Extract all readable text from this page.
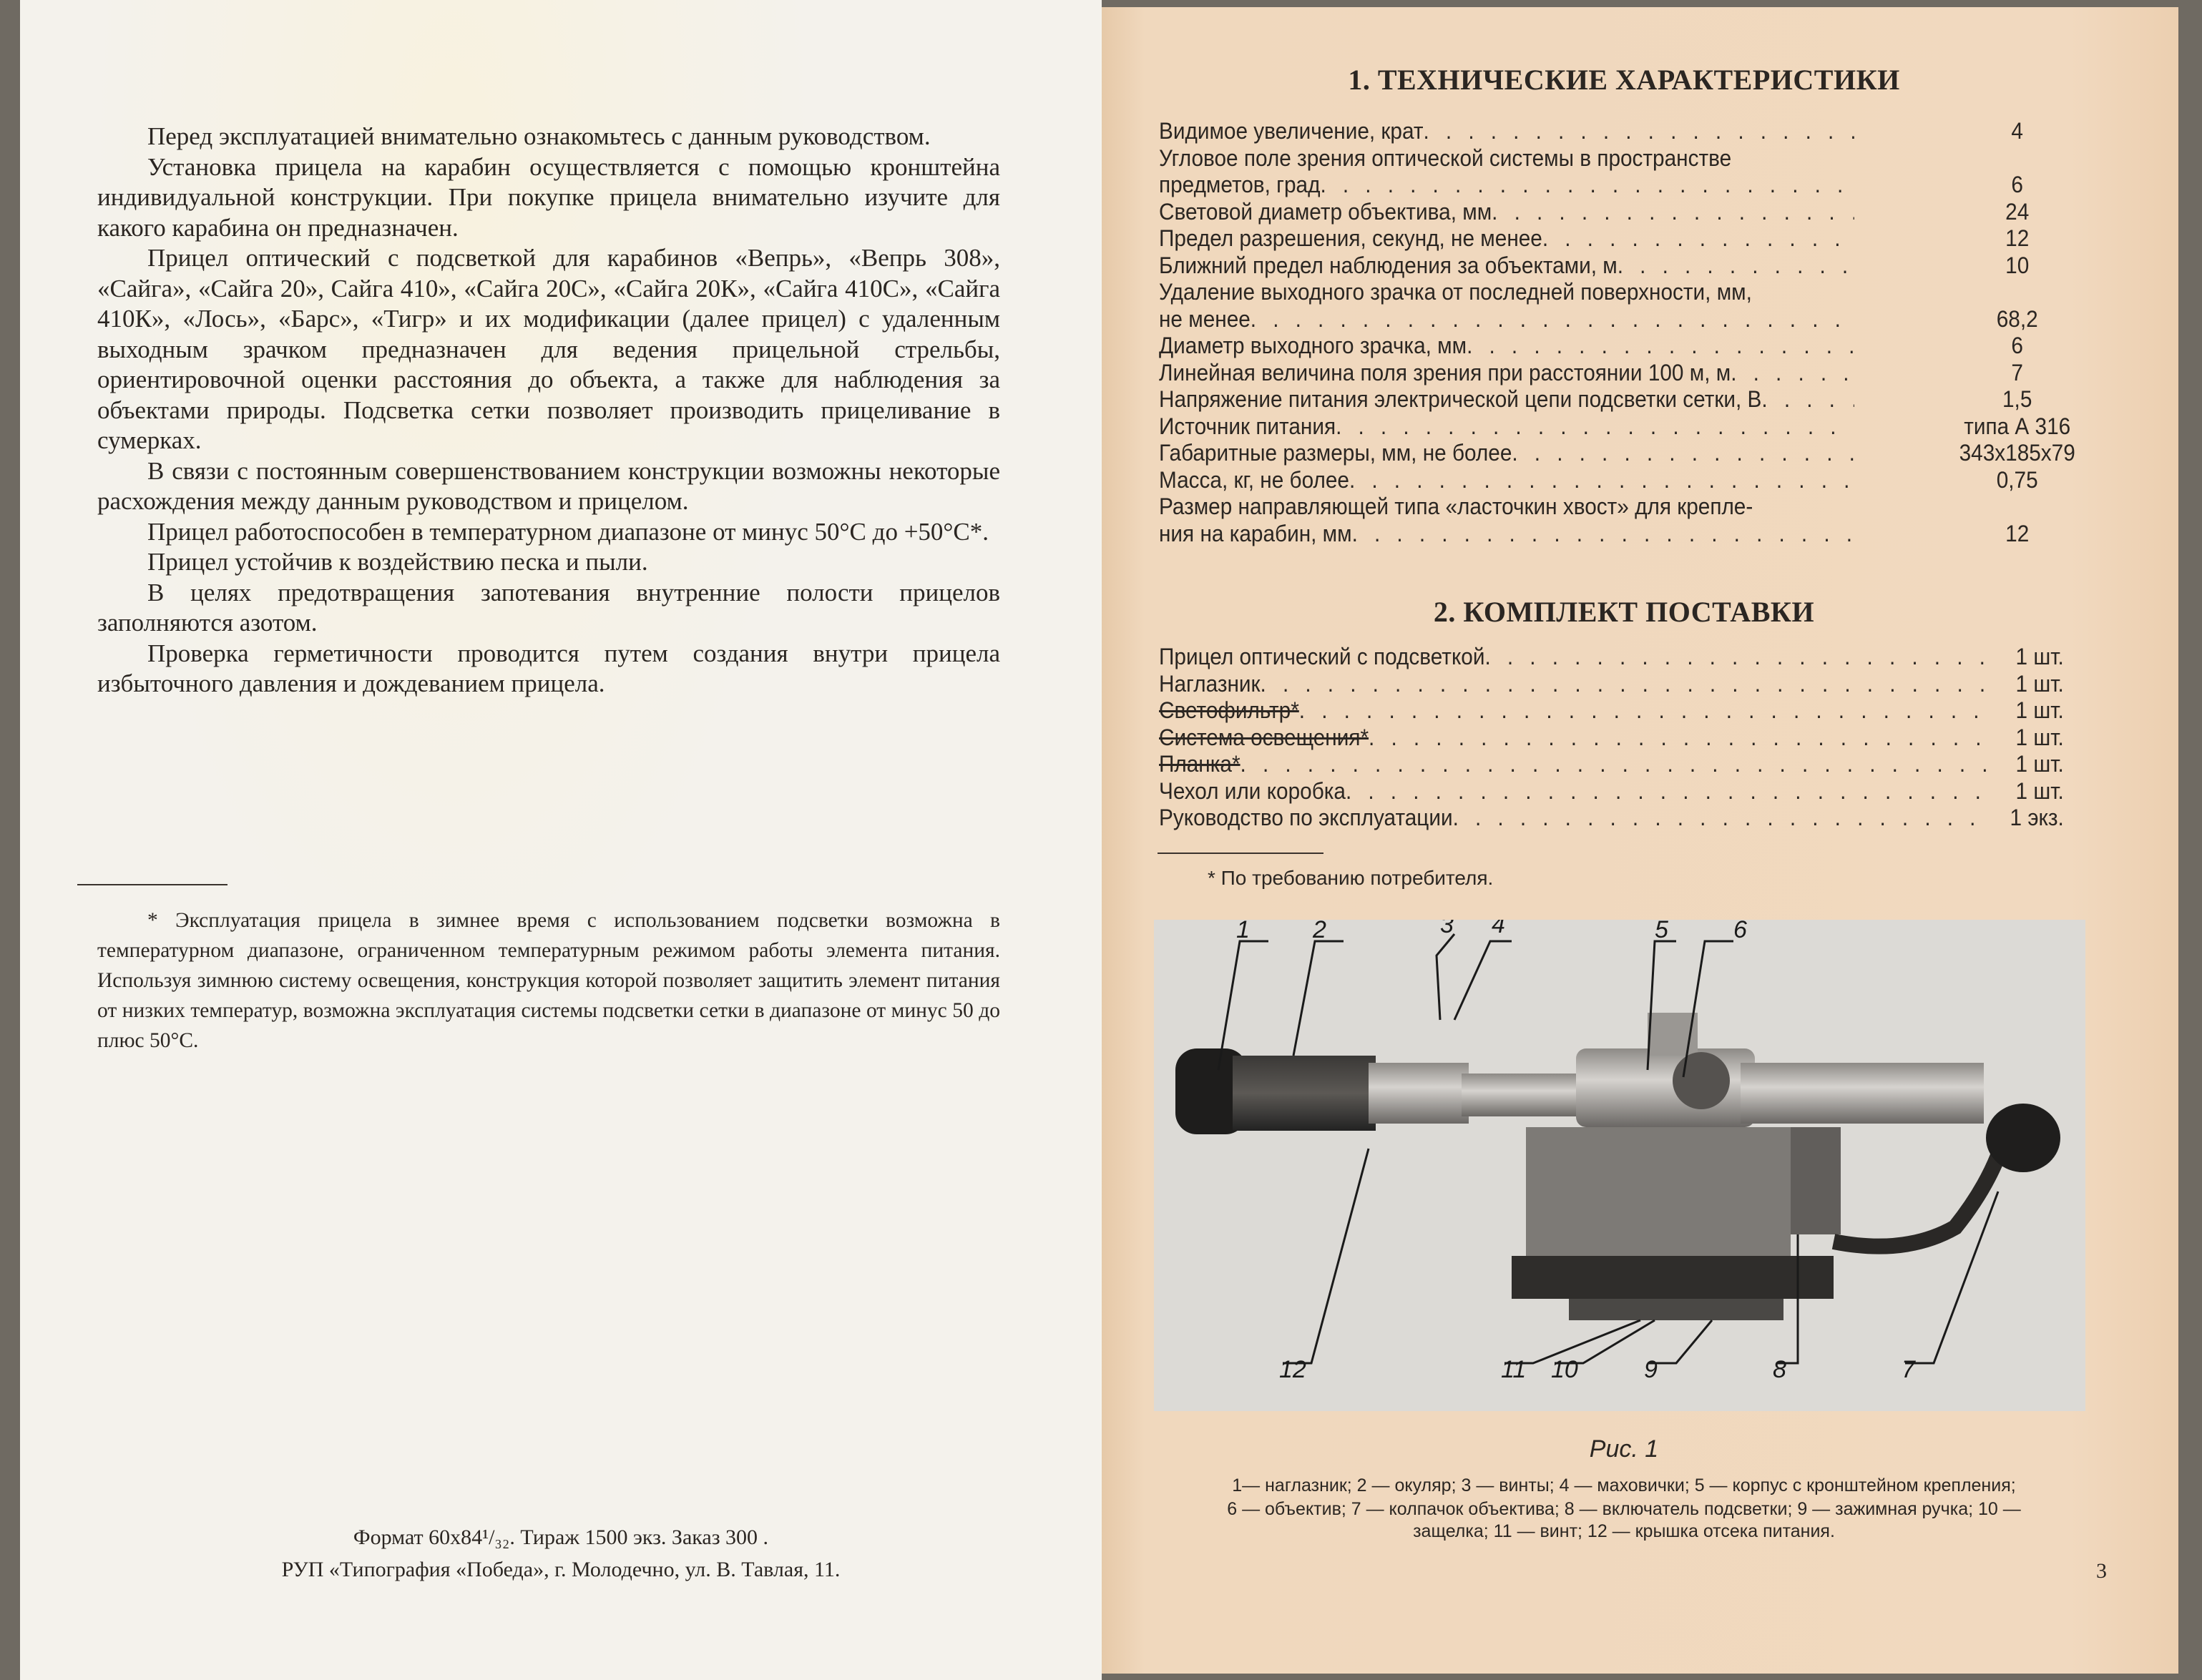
Перед эксплуатацией внимательно ознакомьтесь с данным руководством.

Установка прицела на карабин осуществляется с помощью кронштейна индивидуальной конструкции. При покупке прицела внимательно изучите для какого карабина он предназначен.

Прицел оптический с подсветкой для карабинов «Вепрь», «Вепрь 308», «Сайга», «Сайга 20», Сайга 410», «Сайга 20С», «Сайга 20К», «Сайга 410С», «Сайга 410К», «Лось», «Барс», «Тигр» и их модификации (далее прицел) с удаленным выходным зрачком предназначен для ведения прицельной стрельбы, ориентировочной оценки расстояния до объекта, а также для наблюдения за объектами природы. Подсветка сетки позволяет производить прицеливание в сумерках.

В связи с постоянным совершенствованием конструкции возможны некоторые расхождения между данным руководством и прицелом.

Прицел работоспособен в температурном диапазоне от минус 50°С до +50°С*.

Прицел устойчив к воздействию песка и пыли.

В целях предотвращения запотевания внутренние полости прицелов заполняются азотом.

Проверка герметичности проводится путем создания внутри прицела избыточного давления и дождеванием прицела.

* Эксплуатация прицела в зимнее время с использованием подсветки возможна в температурном диапазоне, ограниченном температурным режимом работы элемента питания. Используя зимнюю систему освещения, конструкция которой позволяет защитить элемент питания от низких температур, возможна эксплуатация системы подсветки сетки в диапазоне от минус 50 до плюс 50°С.

Формат 60x84¹/₃₂. Тираж 1500 экз. Заказ 300 .
РУП «Типография «Победа», г. Молодечно, ул. В. Тавлая, 11.
1. ТЕХНИЧЕСКИЕ ХАРАКТЕРИСТИКИ
Видимое увеличение, крат . . .	4
Угловое поле зрения оптической системы в пространстве
предметов, град . . .	6
Световой диаметр объектива, мм . . .	24
Предел разрешения, секунд, не менее . . .	12
Ближний предел наблюдения за объектами, м . . .	10
Удаление выходного зрачка от последней поверхности, мм,
не менее . . .	68,2
Диаметр выходного зрачка, мм . . .	6
Линейная величина поля зрения при расстоянии 100 м, м . . .	7
Напряжение питания электрической цепи подсветки сетки, В . . .	1,5
Источник питания . . .	типа А 316
Габаритные размеры, мм, не более . . .	343x185x79
Масса, кг, не более . . .	0,75
Размер направляющей типа «ласточкин хвост» для крепле-
ния на карабин, мм . . .	12
2. КОМПЛЕКТ ПОСТАВКИ
Прицел оптический с подсветкой . . .	1 шт.
Наглазник . . .	1 шт.
Светофильтр* . . .	1 шт.
Система освещения* . . .	1 шт.
Планка* . . .	1 шт.
Чехол или коробка . . .	1 шт.
Руководство по эксплуатации . . .	1 экз.
* По требованию потребителя.
1	2	3 4	5	6
7
8
9
10
11
12
Рис. 1
1— наглазник; 2 — окуляр; 3 — винты; 4 — маховички; 5 — корпус с кронштейном крепления;
6 — объектив; 7 — колпачок объектива; 8 — включатель подсветки; 9 — зажимная ручка; 10 —
защелка; 11 — винт; 12 — крышка отсека питания.
3
